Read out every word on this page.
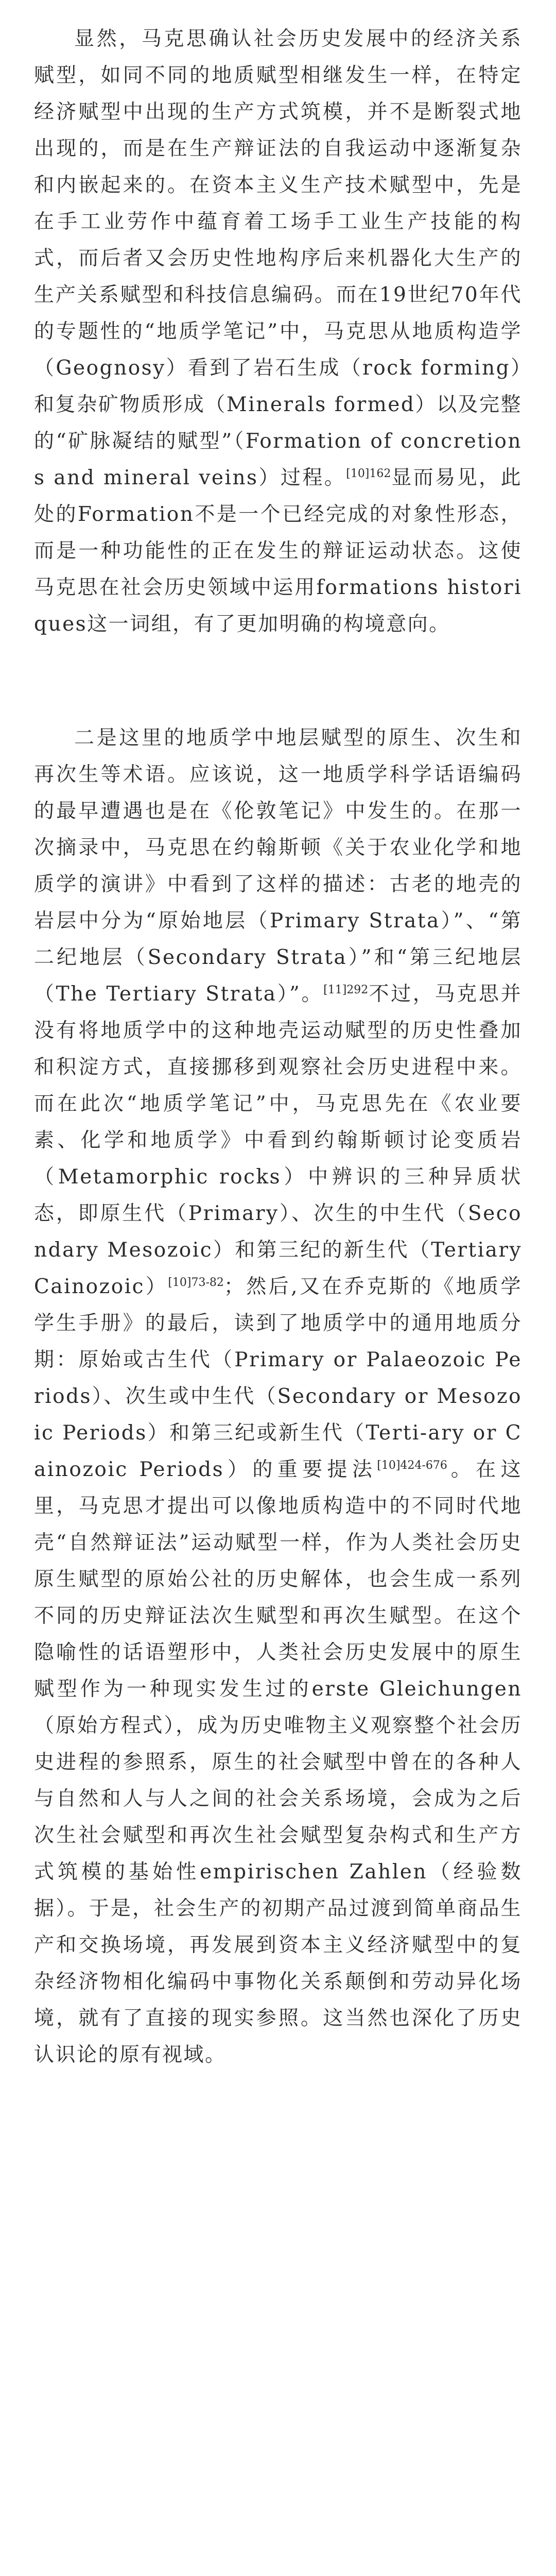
显然，马克思确认社会历史发展中的经济关系赋型，如同不同的地质赋型相继发生一样，在特定经济赋型中出现的生产方式筑模，并不是断裂式地出现的，而是在生产辩证法的自我运动中逐渐复杂和内嵌起来的。在资本主义生产技术赋型中，先是在手工业劳作中蕴育着工场手工业生产技能的构式，而后者又会历史性地构序后来机器化大生产的生产关系赋型和科技信息编码。而在19世纪70年代的专题性的“地质学笔记”中，马克思从地质构造学（Geognosy）看到了岩石生成（rock forming）和复杂矿物质形成（Minerals formed）以及完整的“矿脉凝结的赋型”（Formation of concretions and mineral veins）过程。$^{[10]162}$显而易见，此处的Formation不是一个已经完成的对象性形态，而是一种功能性的正在发生的辩证运动状态。这使马克思在社会历史领域中运用formations historiques这一词组，有了更加明确的构境意向。

二是这里的地质学中地层赋型的原生、次生和再次生等术语。应该说，这一地质学科学话语编码的最早遭遇也是在《伦敦笔记》中发生的。在那一次摘录中，马克思在约翰斯顿《关于农业化学和地质学的演讲》中看到了这样的描述：古老的地壳的岩层中分为“原始地层（Primary Strata）”、“第二纪地层（Secondary Strata）”和“第三纪地层（The Tertiary Strata）”。$^{[11]292}$不过，马克思并没有将地质学中的这种地壳运动赋型的历史性叠加和积淀方式，直接挪移到观察社会历史进程中来。而在此次“地质学笔记”中，马克思先在《农业要素、化学和地质学》中看到约翰斯顿讨论变质岩（Metamorphic rocks）中辨识的三种异质状态，即原生代（Primary）、次生的中生代（Secondary Mesozoic）和第三纪的新生代（Tertiary Cainozoic）$^{[10]73-82}$；然后,又在乔克斯的《地质学学生手册》的最后，读到了地质学中的通用地质分期：原始或古生代（Primary or Palaeozoic Periods）、次生或中生代（Secondary or Mesozoic Periods）和第三纪或新生代（Terti-ary or Cainozoic Periods）的重要提法$^{[10]424-676}$。在这里，马克思才提出可以像地质构造中的不同时代地壳“自然辩证法”运动赋型一样，作为人类社会历史原生赋型的原始公社的历史解体，也会生成一系列不同的历史辩证法次生赋型和再次生赋型。在这个隐喻性的话语塑形中，人类社会历史发展中的原生赋型作为一种现实发生过的erste Gleichungen（原始方程式），成为历史唯物主义观察整个社会历史进程的参照系，原生的社会赋型中曾在的各种人与自然和人与人之间的社会关系场境，会成为之后次生社会赋型和再次生社会赋型复杂构式和生产方式筑模的基始性empirischen Zahlen（经验数据）。于是，社会生产的初期产品过渡到简单商品生产和交换场境，再发展到资本主义经济赋型中的复杂经济物相化编码中事物化关系颠倒和劳动异化场境，就有了直接的现实参照。这当然也深化了历史认识论的原有视域。
